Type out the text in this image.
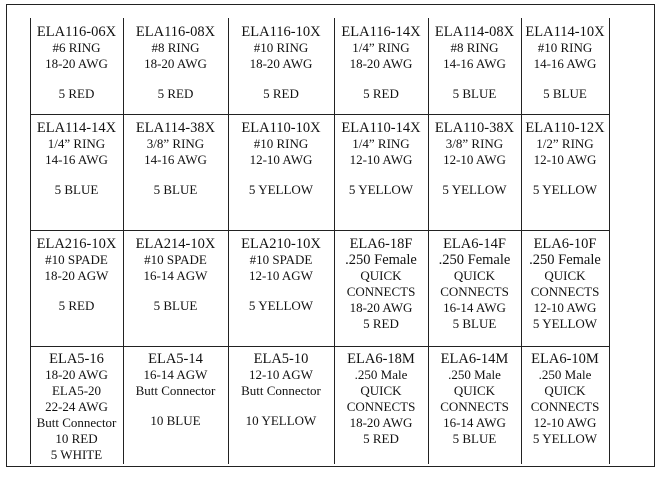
ELA116-06X
#6 RING
18-20 AWG
5 RED
ELA116-08X
#8 RING
18-20 AWG
5 RED
ELA116-10X
#10 RING
18-20 AWG
5 RED
ELA116-14X
1/4” RING
18-20 AWG
5 RED
ELA114-08X
#8 RING
14-16 AWG
5 BLUE
ELA114-10X
#10 RING
14-16 AWG
5 BLUE
ELA114-14X
1/4” RING
14-16 AWG
5 BLUE
ELA114-38X
3/8” RING
14-16 AWG
5 BLUE
ELA110-10X
#10 RING
12-10 AWG
5 YELLOW
ELA110-14X
1/4” RING
12-10 AWG
5 YELLOW
ELA110-38X
3/8” RING
12-10 AWG
5 YELLOW
ELA110-12X
1/2” RING
12-10 AWG
5 YELLOW
ELA216-10X
#10 SPADE
18-20 AGW
5 RED
ELA214-10X
#10 SPADE
16-14 AGW
5 BLUE
ELA210-10X
#10 SPADE
12-10 AGW
5 YELLOW
ELA6-18F
.250 Female
QUICK
CONNECTS
18-20 AWG
5 RED
ELA6-14F
.250 Female
QUICK
CONNECTS
16-14 AWG
5 BLUE
ELA6-10F
.250 Female
QUICK
CONNECTS
12-10 AWG
5 YELLOW
ELA5-16
18-20 AWG
ELA5-20
22-24 AWG
Butt Connector
10 RED
5 WHITE
ELA5-14
16-14 AGW
Butt Connector
10 BLUE
ELA5-10
12-10 AGW
Butt Connector
10 YELLOW
ELA6-18M
.250 Male
QUICK
CONNECTS
18-20 AWG
5 RED
ELA6-14M
.250 Male
QUICK
CONNECTS
16-14 AWG
5 BLUE
ELA6-10M
.250 Male
QUICK
CONNECTS
12-10 AWG
5 YELLOW
